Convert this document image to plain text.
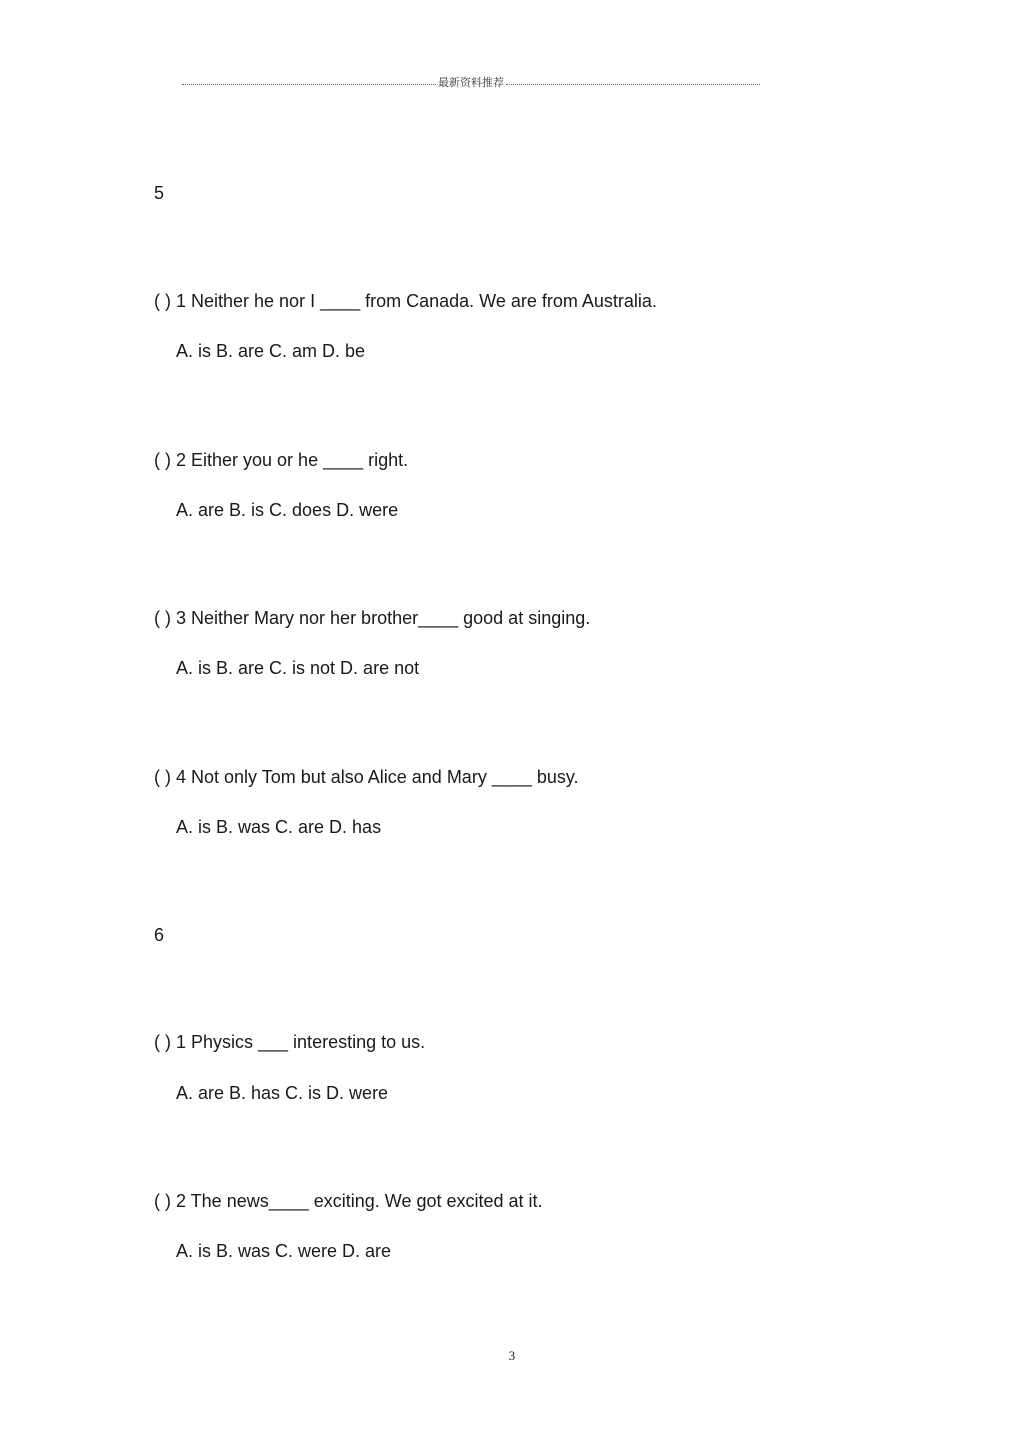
最新资料推荐
5
( ) 1 Neither he nor I ____ from Canada. We are from Australia.
A. is B. are C. am D. be
( ) 2 Either you or he ____ right.
A. are B. is C. does D. were
( ) 3 Neither Mary nor her brother____ good at singing.
A. is B. are C. is not D. are not
( ) 4 Not only Tom but also Alice and Mary ____ busy.
A. is B. was C. are D. has
6
( ) 1 Physics ___ interesting to us.
A. are B. has C. is D. were
( ) 2 The news____ exciting. We got excited at it.
A. is B. was C. were D. are
3
